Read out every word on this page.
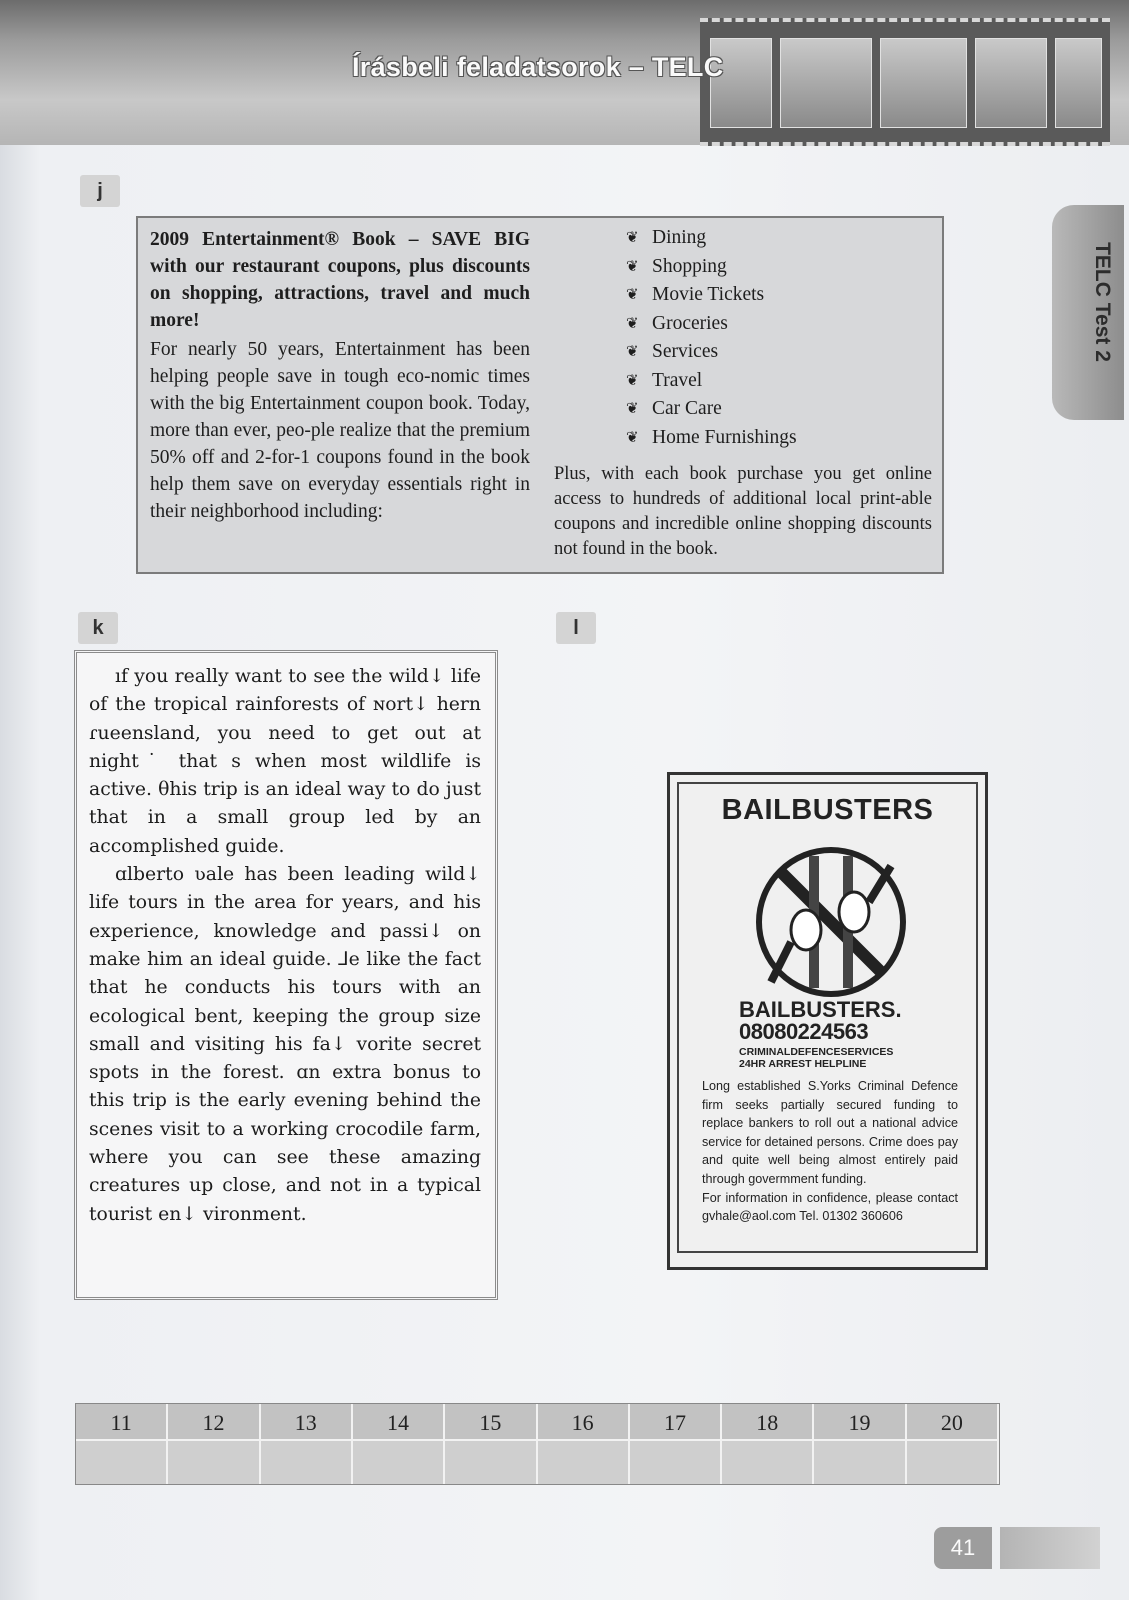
Írásbeli feladatsorok – TELC
TELC Test 2
j
2009 Entertainment® Book – SAVE BIG with our restaurant coupons, plus discounts on shopping, attractions, travel and much more!
For nearly 50 years, Entertainment has been helping people save in tough eco-nomic times with the big Entertainment coupon book. Today, more than ever, peo-ple realize that the premium 50% off and 2-for-1 coupons found in the book help them save on everyday essentials right in their neighborhood including:
❦ Dining
❦ Shopping
❦ Movie Tickets
❦ Groceries
❦ Services
❦ Travel
❦ Car Care
❦ Home Furnishings
Plus, with each book purchase you get online access to hundreds of additional local print-able coupons and incredible online shopping discounts not found in the book.
k

ıf you really want to see the wild↓ life of the tropical rainforests of ɴort↓ hern ɾueensland, you need to get out at night˙ that s when most wildlife is active. θhis trip is an ideal way to do just that in a small group led by an accomplished guide.

ɑlberto ʋale has been leading wild↓ life tours in the area for years, and his experience, knowledge and passi↓ on make him an ideal guide. ⅃e like the fact that he conducts his tours with an ecological bent, keeping the group size small and visiting his fa↓ vorite secret spots in the forest. ɑn extra bonus to this trip is the early evening behind the scenes visit to a working crocodile farm, where you can see these amazing creatures up close, and not in a typical tourist en↓ vironment.

l
BAILBUSTERS
BAILBUSTERS.
08080224563
CRIMINALDEFENCESERVICES
24HR ARREST HELPLINE
Long established S.Yorks Criminal Defence firm seeks partially secured funding to replace bankers to roll out a national advice service for detained persons. Crime does pay and quite well being almost entirely paid through govermment funding.
For information in confidence, please contact gvhale@aol.com Tel. 01302 360606
11	12	13	14	15	16	17	18	19	20
41
